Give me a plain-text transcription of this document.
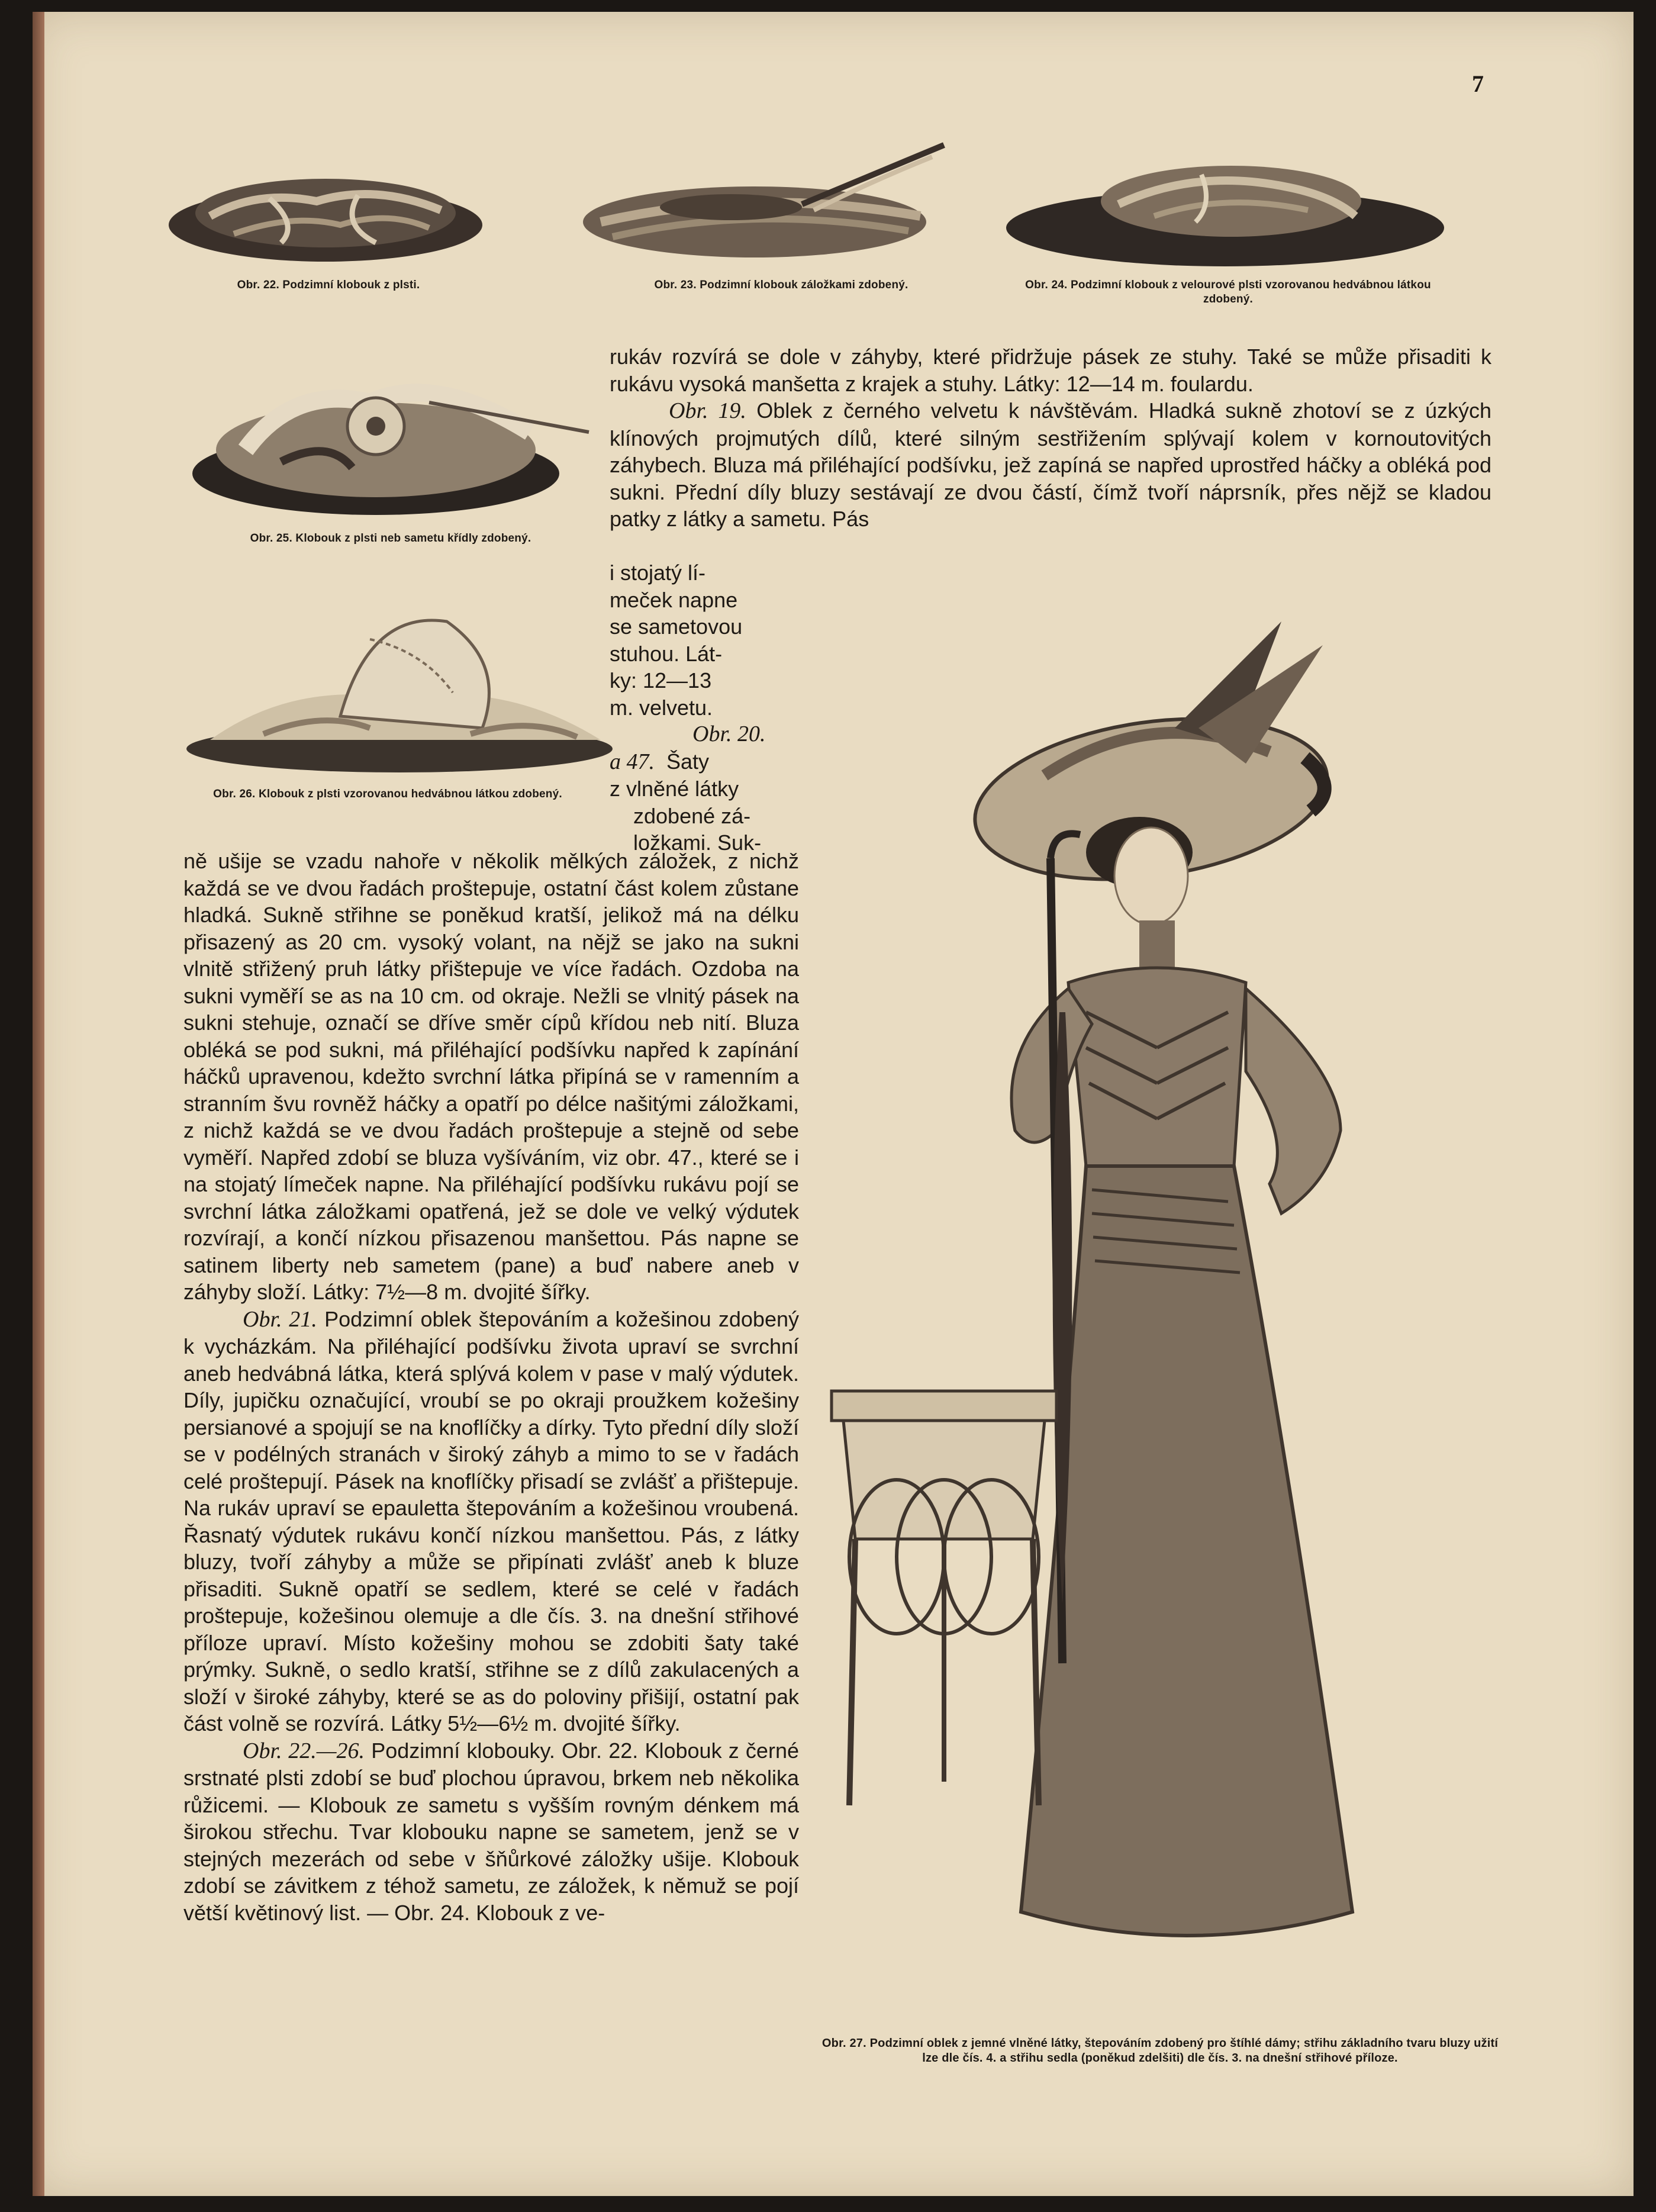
7
Obr. 22. Podzimní klobouk z plsti.	Obr. 23. Podzimní klobouk záložkami zdobený.	Obr. 24. Podzimní klobouk z velourové plsti vzorovanou hedvábnou látkou zdobený.
Obr. 25. Klobouk z plsti neb sametu křídly zdobený.
Obr. 26. Klobouk z plsti vzorovanou hedvábnou látkou zdobený.

rukáv rozvírá se dole v záhyby, které přidržuje pásek ze stuhy. Také se může přisaditi k rukávu vysoká manšetta z krajek a stuhy. Látky: 12—14 m. foulardu.

Obr. 19. Oblek z černého velvetu k návštěvám. Hladká sukně zhotoví se z úzkých klínových projmutých dílů, které silným sestřižením splývají kolem v kornoutovitých záhybech. Bluza má přiléhající podšívku, jež zapíná se napřed uprostřed háčky a obléká pod sukni. Přední díly bluzy sestávají ze dvou částí, čímž tvoří náprsník, přes nějž se kladou patky z látky a sametu. Pás

i stojatý lí-
meček napne
se sametovou
stuhou. Lát-
ky: 12—13
m. velvetu.
Obr. 20.
a 47. Šaty
z vlněné látky
zdobené zá-
ložkami. Suk-

ně ušije se vzadu nahoře v několik mělkých záložek, z nichž každá se ve dvou řadách proštepuje, ostatní část kolem zůstane hladká. Sukně střihne se poněkud kratší, jelikož má na délku přisazený as 20 cm. vysoký volant, na nějž se jako na sukni vlnitě střižený pruh látky přištepuje ve více řadách. Ozdoba na sukni vyměří se as na 10 cm. od okraje. Nežli se vlnitý pásek na sukni stehuje, označí se dříve směr cípů křídou neb nití. Bluza obléká se pod sukni, má přiléhající podšívku napřed k zapínání háčků upravenou, kdežto svrchní látka připíná se v ramenním a stranním švu rovněž háčky a opatří po délce našitými záložkami, z nichž každá se ve dvou řadách proštepuje a stejně od sebe vyměří. Napřed zdobí se bluza vyšíváním, viz obr. 47., které se i na stojatý límeček napne. Na přiléhající podšívku rukávu pojí se svrchní látka záložkami opatřená, jež se dole ve velký výdutek rozvírají, a končí nízkou přisazenou manšettou. Pás napne se satinem liberty neb sametem (pane) a buď nabere aneb v záhyby složí. Látky: 7½—8 m. dvojité šířky.

Obr. 21. Podzimní oblek štepováním a kožešinou zdobený k vycházkám. Na přiléhající podšívku života upraví se svrchní aneb hedvábná látka, která splývá kolem v pase v malý výdutek. Díly, jupičku označující, vroubí se po okraji proužkem kožešiny persianové a spojují se na knoflíčky a dírky. Tyto přední díly složí se v podélných stranách v široký záhyb a mimo to se v řadách celé proštepují. Pásek na knoflíčky přisadí se zvlášť a přištepuje. Na rukáv upraví se epauletta štepováním a kožešinou vroubená. Řasnatý výdutek rukávu končí nízkou manšettou. Pás, z látky bluzy, tvoří záhyby a může se připínati zvlášť aneb k bluze přisaditi. Sukně opatří se sedlem, které se celé v řadách proštepuje, kožešinou olemuje a dle čís. 3. na dnešní střihové příloze upraví. Místo kožešiny mohou se zdobiti šaty také prýmky. Sukně, o sedlo kratší, střihne se z dílů zakulacených a složí v široké záhyby, které se as do poloviny přišijí, ostatní pak část volně se rozvírá. Látky 5½—6½ m. dvojité šířky.

Obr. 22.—26. Podzimní klobouky. Obr. 22. Klobouk z černé srstnaté plsti zdobí se buď plochou úpravou, brkem neb několika růžicemi. — Klobouk ze sametu s vyšším rovným dénkem má širokou střechu. Tvar klobouku napne se sametem, jenž se v stejných mezerách od sebe v šňůrkové záložky ušije. Klobouk zdobí se závitkem z téhož sametu, ze záložek, k němuž se pojí větší květinový list. — Obr. 24. Klobouk z ve-

Obr. 27. Podzimní oblek z jemné vlněné látky, štepováním zdobený pro štíhlé dámy; střihu základního tvaru bluzy užití lze dle čís. 4. a střihu sedla (poněkud zdelšiti) dle čís. 3. na dnešní střihové příloze.
